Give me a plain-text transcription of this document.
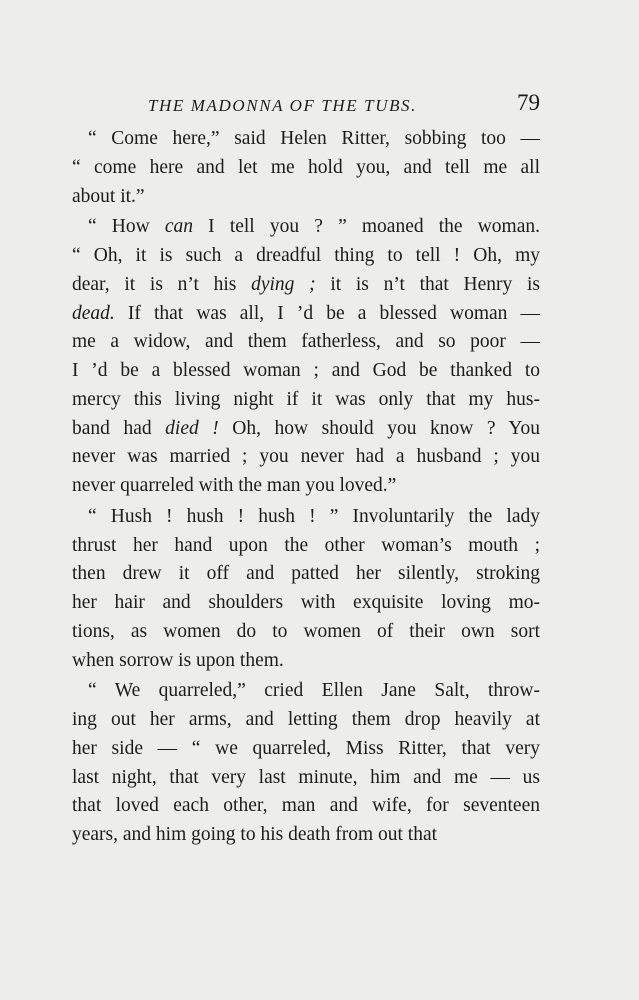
THE MADONNA OF THE TUBS.	79
“ Come here,” said Helen Ritter, sobbing too —
“ come here and let me hold you, and tell me all
about it.”
“ How can I tell you ? ” moaned the woman.
“ Oh, it is such a dreadful thing to tell ! Oh, my
dear, it is n’t his dying ; it is n’t that Henry is
dead. If that was all, I ’d be a blessed woman —
me a widow, and them fatherless, and so poor —
I ’d be a blessed woman ; and God be thanked to
mercy this living night if it was only that my hus-
band had died ! Oh, how should you know ? You
never was married ; you never had a husband ; you
never quarreled with the man you loved.”
“ Hush ! hush ! hush ! ” Involuntarily the lady
thrust her hand upon the other woman’s mouth ;
then drew it off and patted her silently, stroking
her hair and shoulders with exquisite loving mo-
tions, as women do to women of their own sort
when sorrow is upon them.
“ We quarreled,” cried Ellen Jane Salt, throw-
ing out her arms, and letting them drop heavily at
her side — “ we quarreled, Miss Ritter, that very
last night, that very last minute, him and me — us
that loved each other, man and wife, for seventeen
years, and him going to his death from out that
